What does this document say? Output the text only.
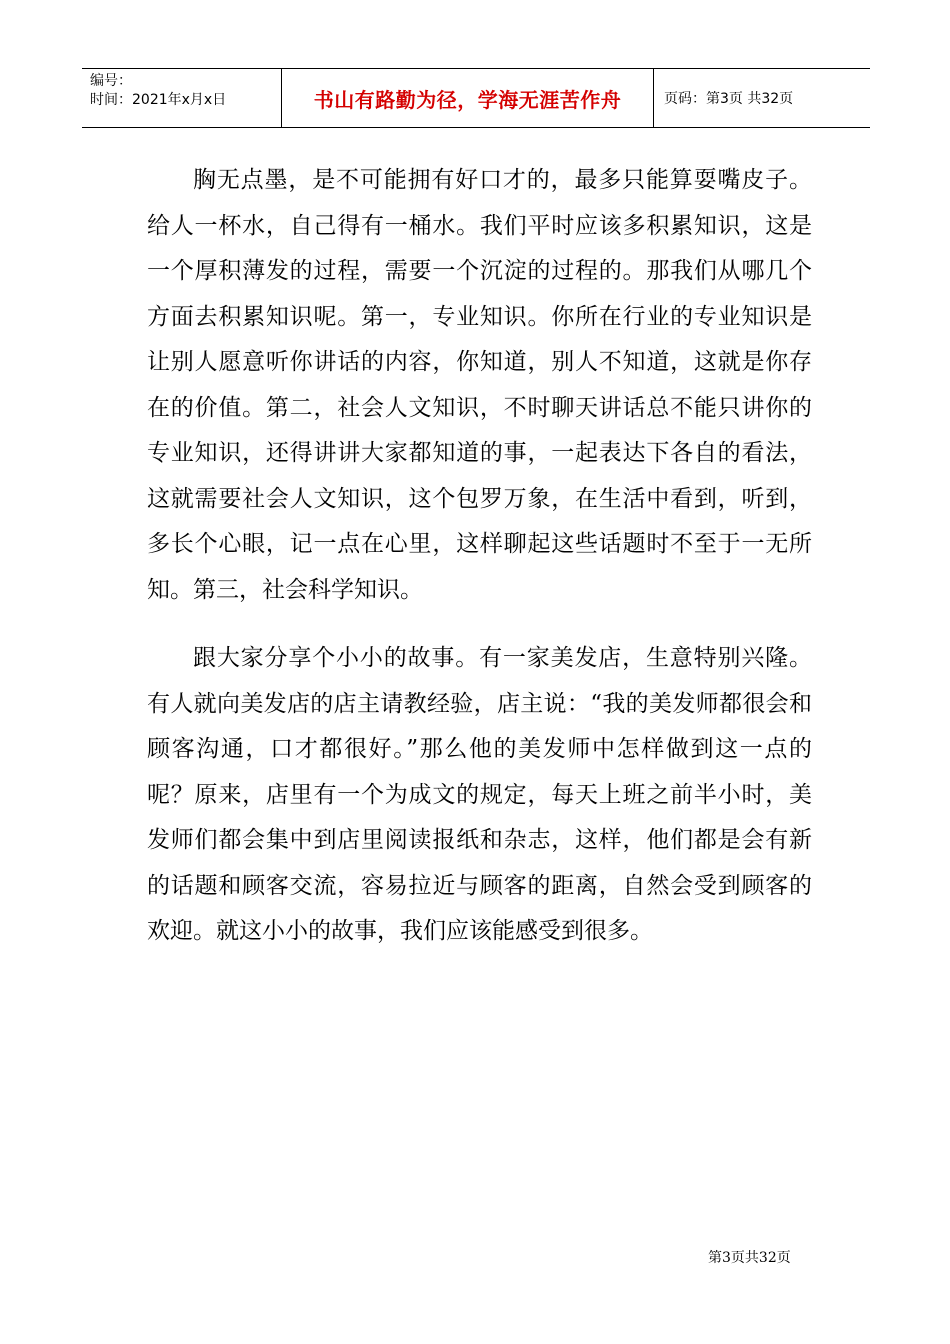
编号：
时间：2021年x月x日	书山有路勤为径，学海无涯苦作舟	页码：第3页 共32页

胸无点墨，是不可能拥有好口才的，最多只能算耍嘴皮子。给人一杯水，自己得有一桶水。我们平时应该多积累知识，这是一个厚积薄发的过程，需要一个沉淀的过程的。那我们从哪几个方面去积累知识呢。第一，专业知识。你所在行业的专业知识是让别人愿意听你讲话的内容，你知道，别人不知道，这就是你存在的价值。第二，社会人文知识，不时聊天讲话总不能只讲你的专业知识，还得讲讲大家都知道的事，一起表达下各自的看法，这就需要社会人文知识，这个包罗万象，在生活中看到，听到，多长个心眼，记一点在心里，这样聊起这些话题时不至于一无所知。第三，社会科学知识。

跟大家分享个小小的故事。有一家美发店，生意特别兴隆。有人就向美发店的店主请教经验，店主说：“我的美发师都很会和顾客沟通，口才都很好。”那么他的美发师中怎样做到这一点的呢？原来，店里有一个为成文的规定，每天上班之前半小时，美发师们都会集中到店里阅读报纸和杂志，这样，他们都是会有新的话题和顾客交流，容易拉近与顾客的距离，自然会受到顾客的欢迎。就这小小的故事，我们应该能感受到很多。

第3页共32页
